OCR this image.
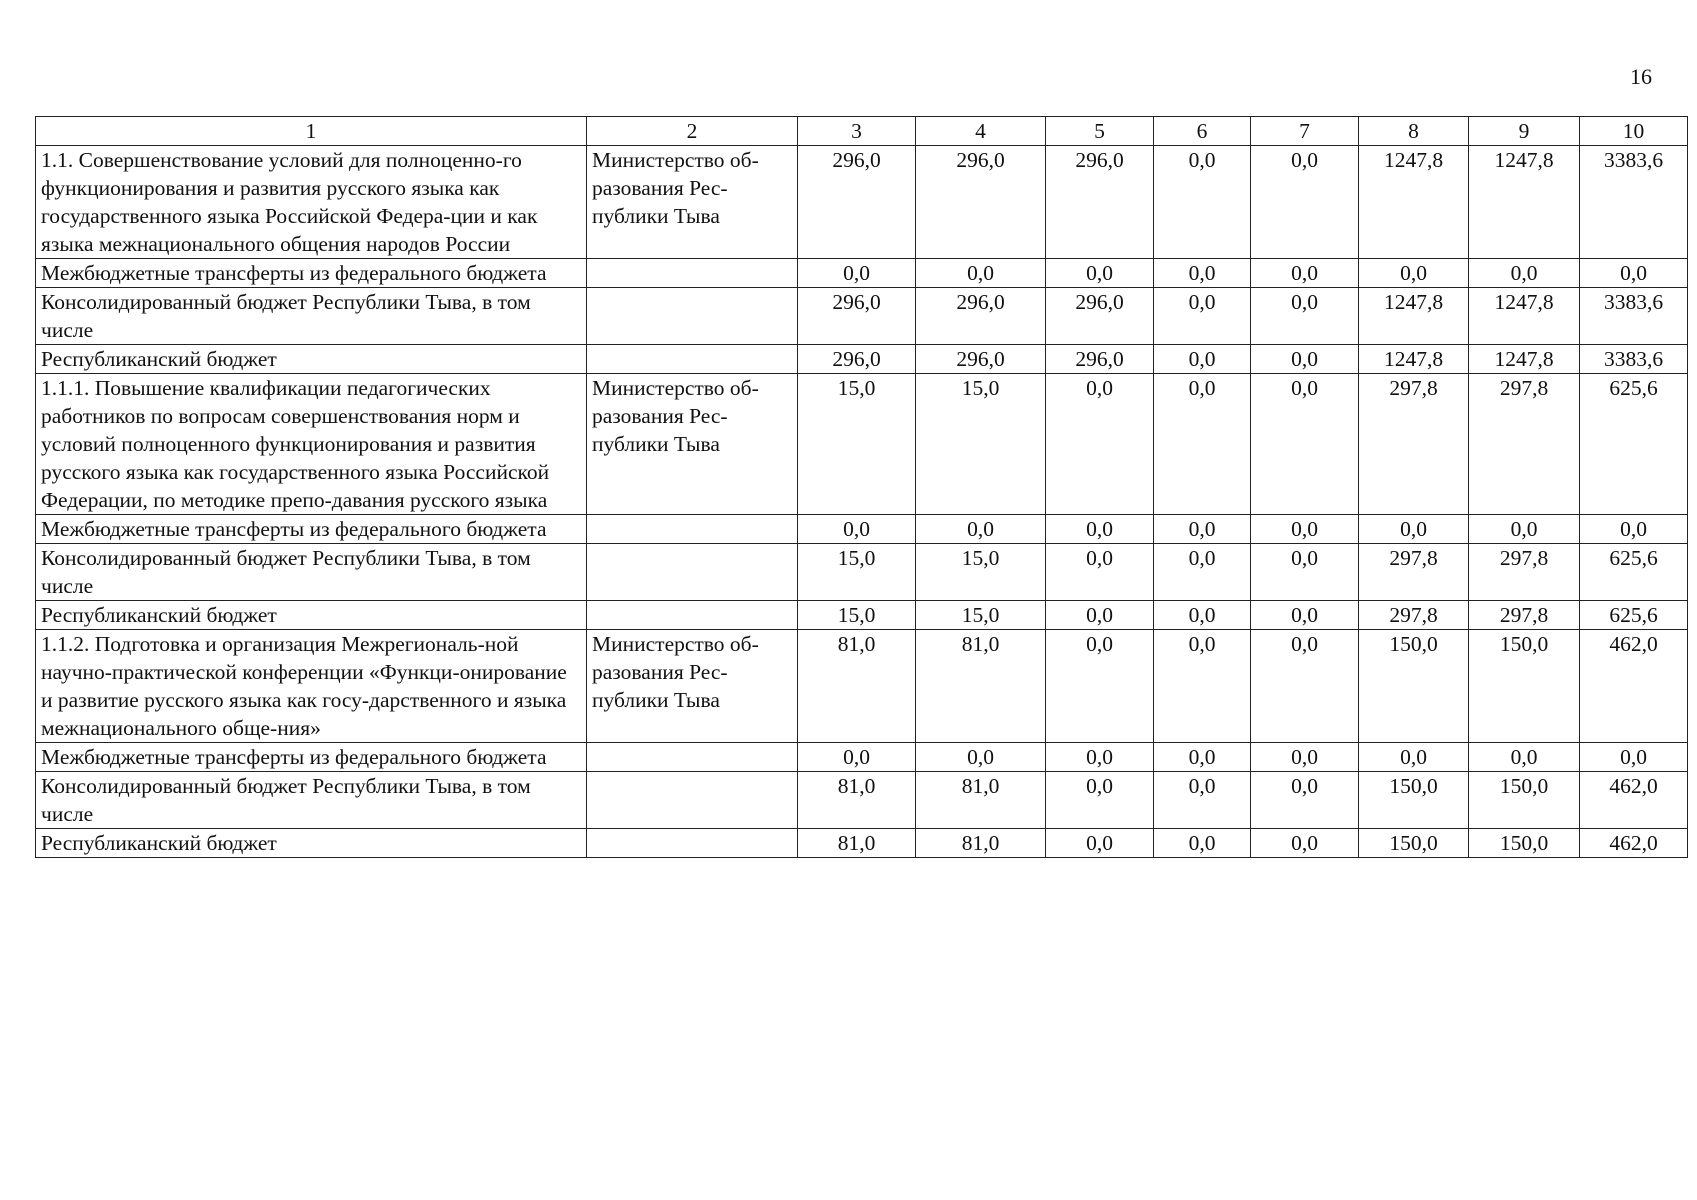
16
1	2	3	4	5	6	7	8	9	10
1.1. Совершенствование условий для полноценно-го функционирования и развития русского языка как государственного языка Российской Федера-ции и как языка межнационального общения народов России	Министерство об-разования Рес-публики Тыва	296,0	296,0	296,0	0,0	0,0	1247,8	1247,8	3383,6
Межбюджетные трансферты из федерального бюджета		0,0	0,0	0,0	0,0	0,0	0,0	0,0	0,0
Консолидированный бюджет Республики Тыва, в том числе		296,0	296,0	296,0	0,0	0,0	1247,8	1247,8	3383,6
Республиканский бюджет		296,0	296,0	296,0	0,0	0,0	1247,8	1247,8	3383,6
1.1.1. Повышение квалификации педагогических работников по вопросам совершенствования норм и условий полноценного функционирования и развития русского языка как государственного языка Российской Федерации, по методике препо-давания русского языка	Министерство об-разования Рес-публики Тыва	15,0	15,0	0,0	0,0	0,0	297,8	297,8	625,6
Межбюджетные трансферты из федерального бюджета		0,0	0,0	0,0	0,0	0,0	0,0	0,0	0,0
Консолидированный бюджет Республики Тыва, в том числе		15,0	15,0	0,0	0,0	0,0	297,8	297,8	625,6
Республиканский бюджет		15,0	15,0	0,0	0,0	0,0	297,8	297,8	625,6
1.1.2. Подготовка и организация Межрегиональ-ной научно-практической конференции «Функци-онирование и развитие русского языка как госу-дарственного и языка межнационального обще-ния»	Министерство об-разования Рес-публики Тыва	81,0	81,0	0,0	0,0	0,0	150,0	150,0	462,0
Межбюджетные трансферты из федерального бюджета		0,0	0,0	0,0	0,0	0,0	0,0	0,0	0,0
Консолидированный бюджет Республики Тыва, в том числе		81,0	81,0	0,0	0,0	0,0	150,0	150,0	462,0
Республиканский бюджет		81,0	81,0	0,0	0,0	0,0	150,0	150,0	462,0
